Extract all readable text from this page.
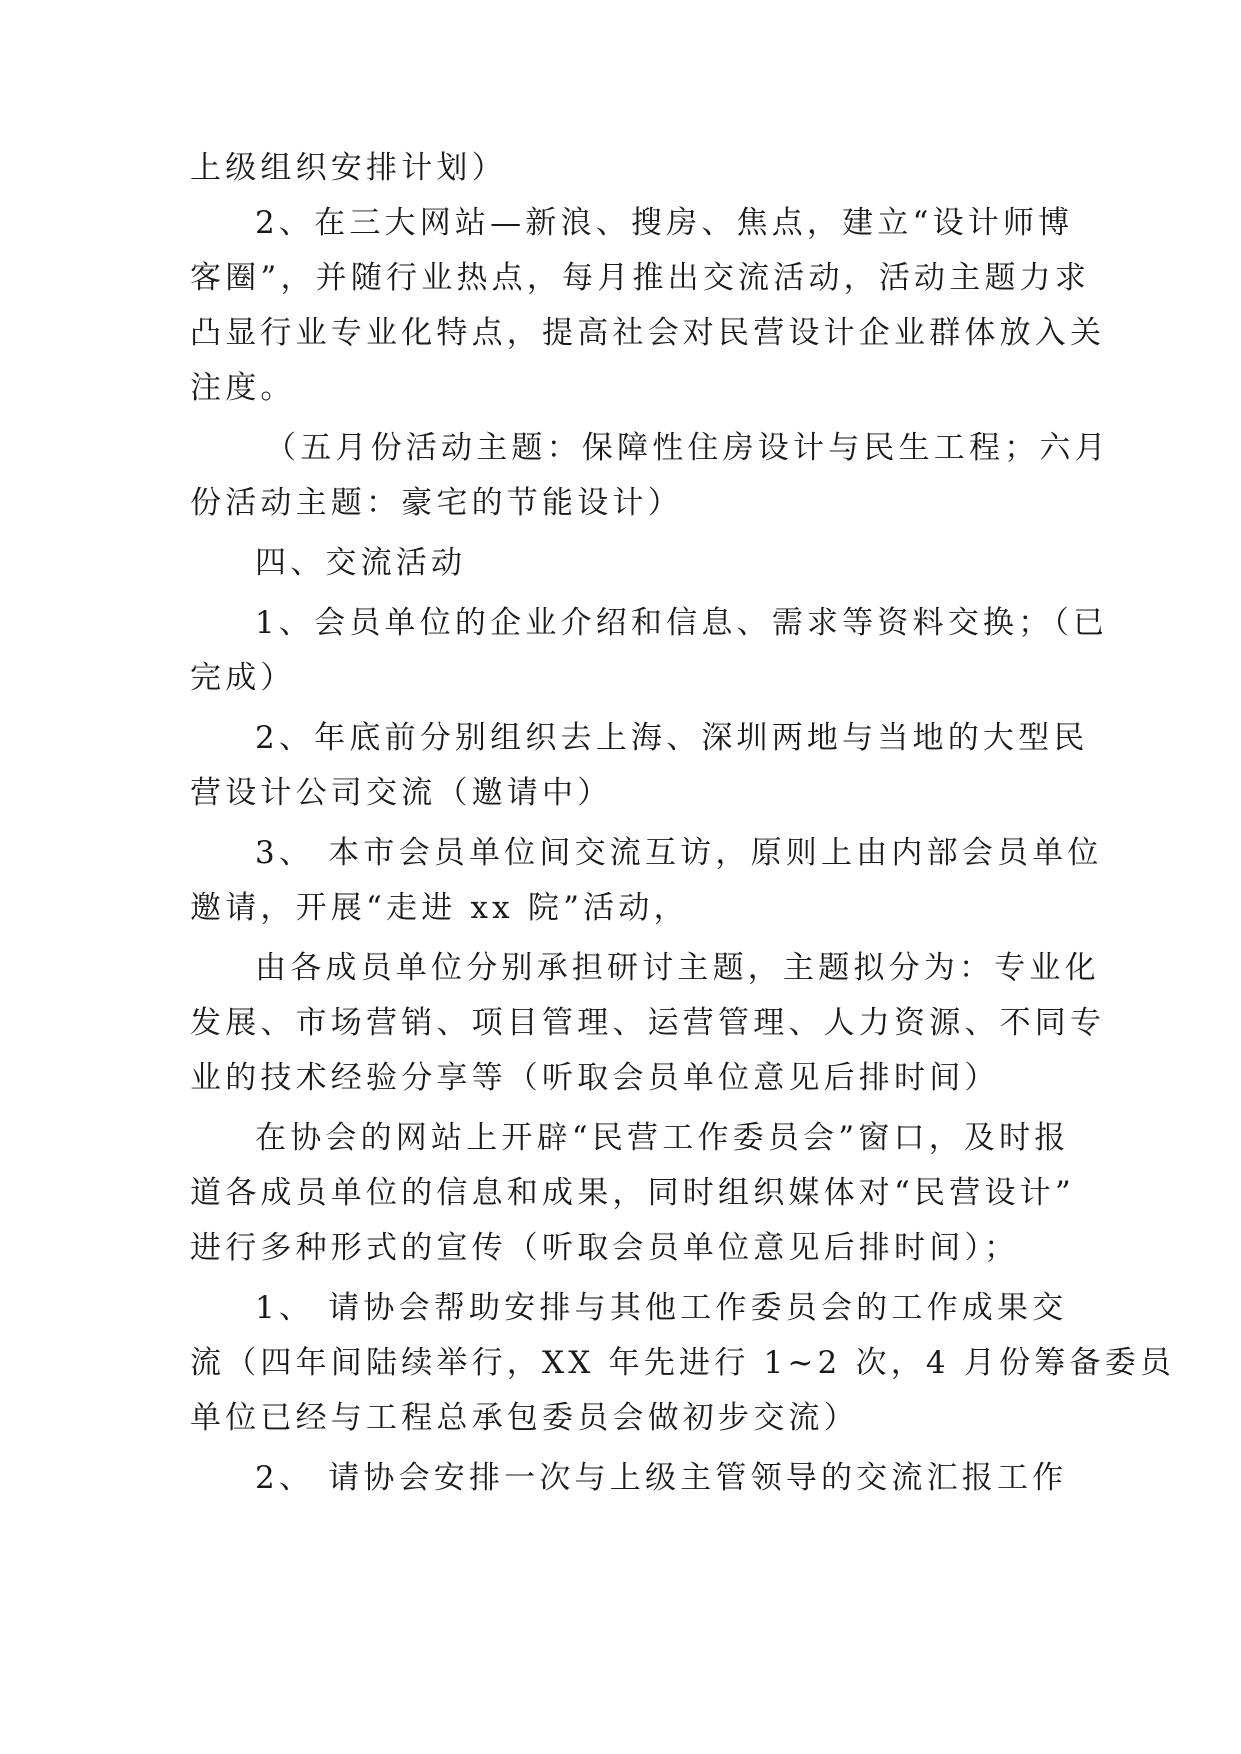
上级组织安排计划）
2、在三大网站—新浪、搜房、焦点，建立“设计师博
客圈”，并随行业热点，每月推出交流活动，活动主题力求
凸显行业专业化特点，提高社会对民营设计企业群体放入关
注度。
（五月份活动主题：保障性住房设计与民生工程；六月
份活动主题：豪宅的节能设计）
四、交流活动
1、会员单位的企业介绍和信息、需求等资料交换；（已
完成）
2、年底前分别组织去上海、深圳两地与当地的大型民
营设计公司交流（邀请中）
3、 本市会员单位间交流互访，原则上由内部会员单位
邀请，开展“走进 xx 院”活动，
由各成员单位分别承担研讨主题，主题拟分为：专业化
发展、市场营销、项目管理、运营管理、人力资源、不同专
业的技术经验分享等（听取会员单位意见后排时间）
在协会的网站上开辟“民营工作委员会”窗口，及时报
道各成员单位的信息和成果，同时组织媒体对“民营设计”
进行多种形式的宣传（听取会员单位意见后排时间）；
1、 请协会帮助安排与其他工作委员会的工作成果交
流（四年间陆续举行，XX 年先进行 1~2 次，4 月份筹备委员
单位已经与工程总承包委员会做初步交流）
2、 请协会安排一次与上级主管领导的交流汇报工作
